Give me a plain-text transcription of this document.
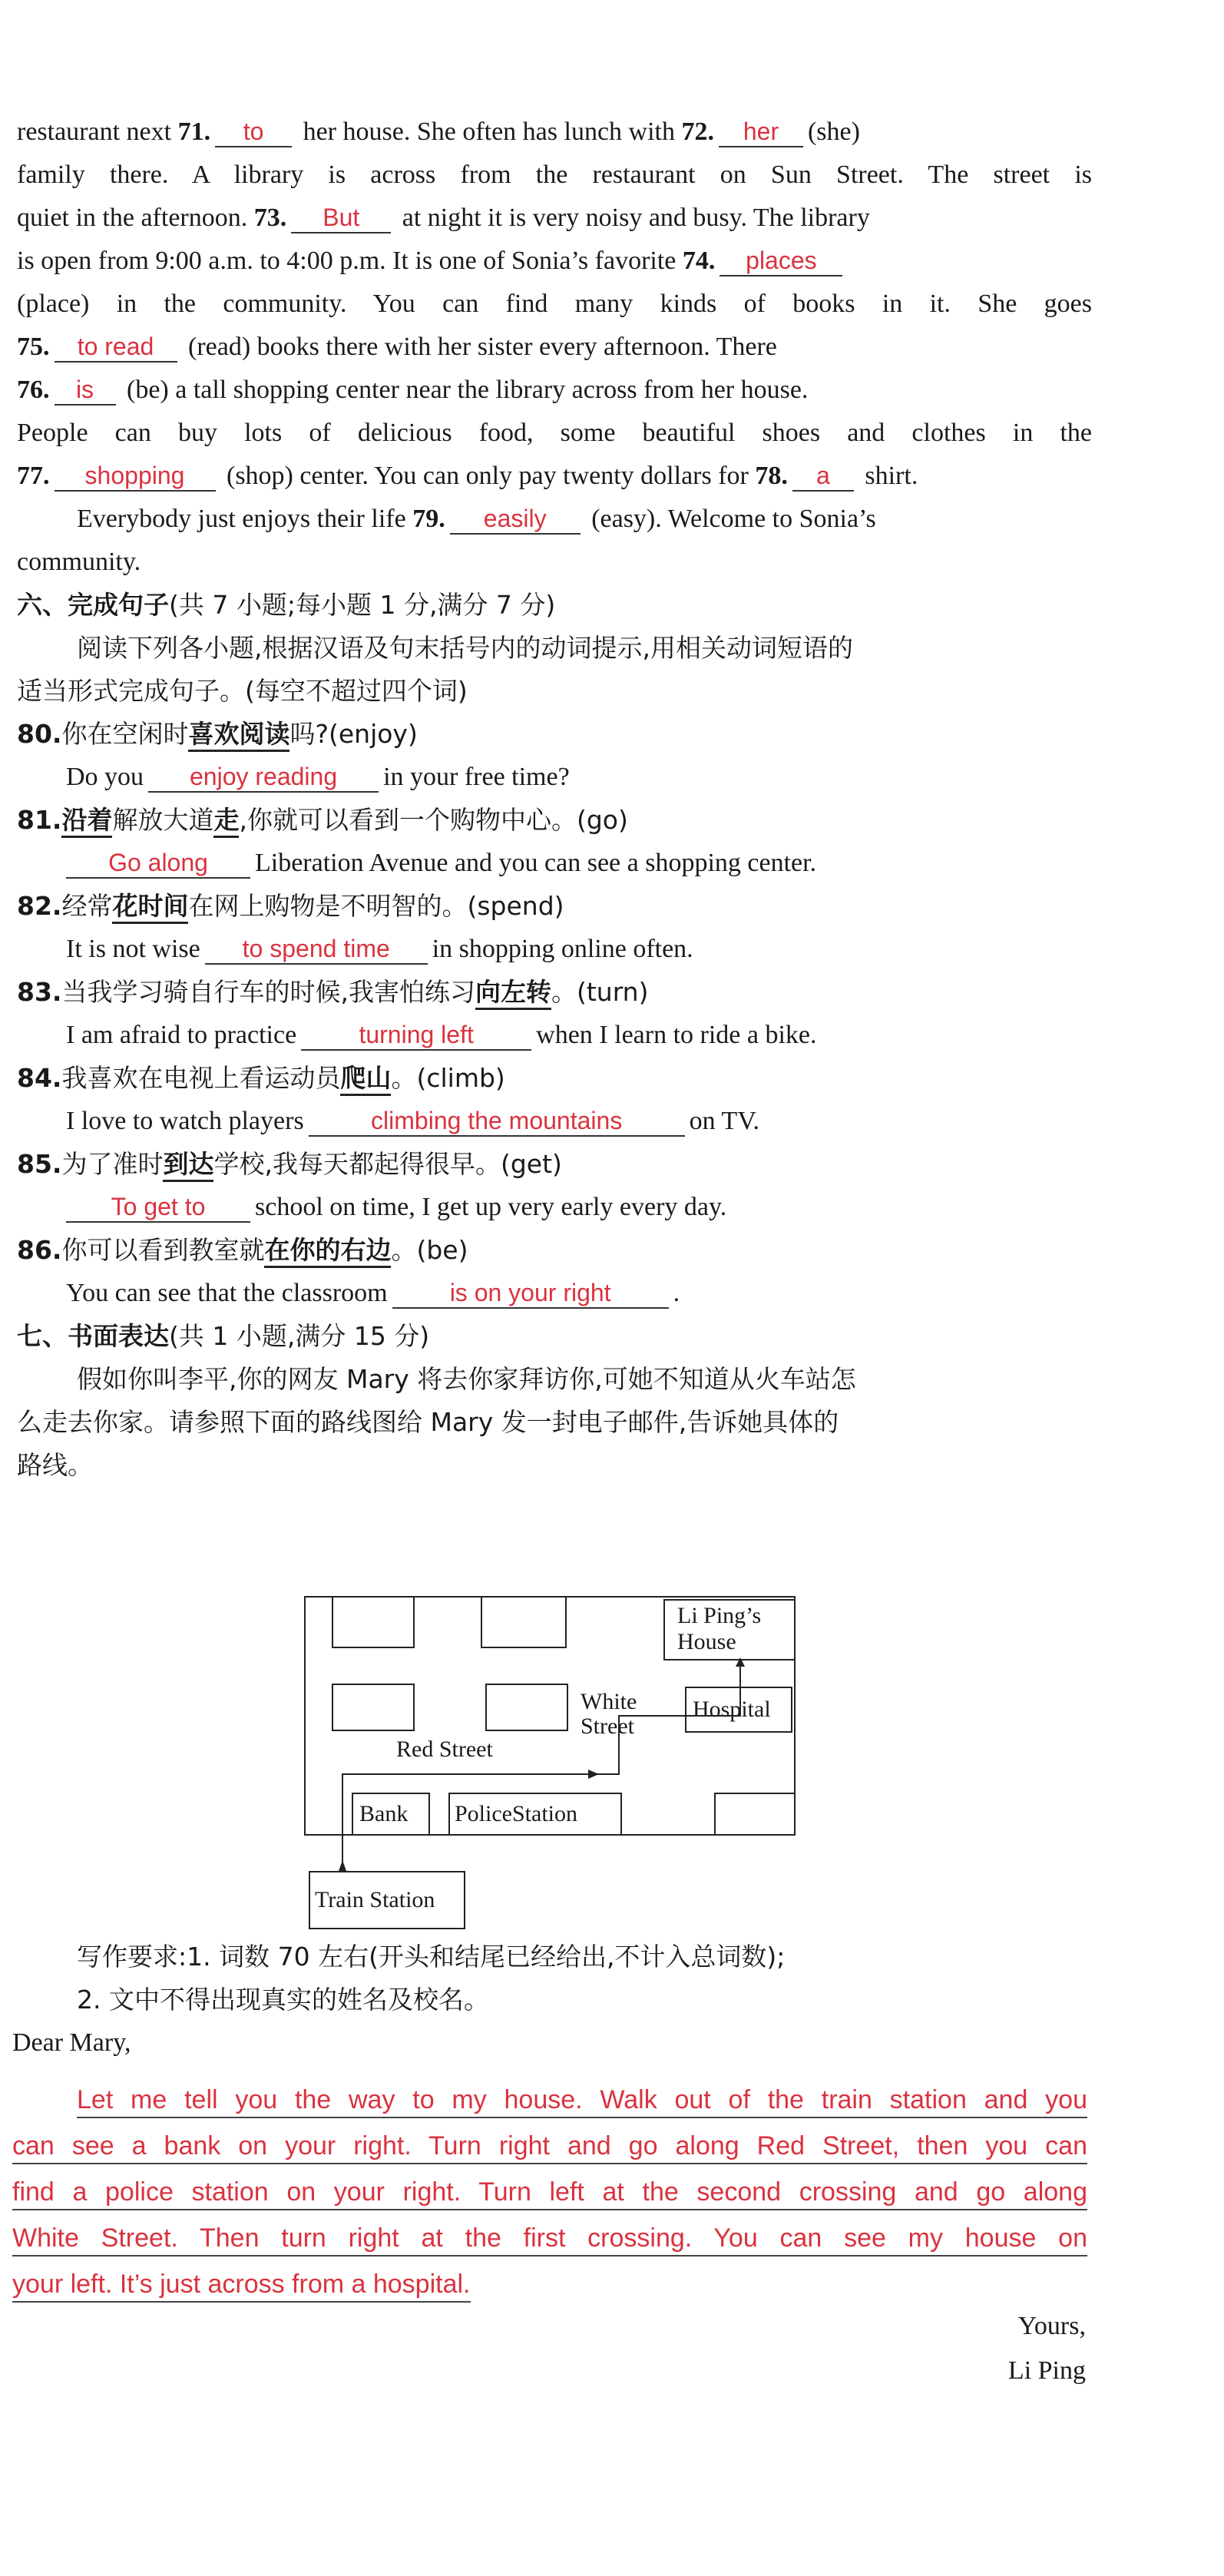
restaurant next 71. to her house. She often has lunch with 72. her (she)
family there. A library is across from the restaurant on Sun Street. The street is
quiet in the afternoon. 73. But at night it is very noisy and busy. The library
is open from 9:00 a.m. to 4:00 p.m. It is one of Sonia’s favorite 74. places
(place) in the community. You can find many kinds of books in it. She goes
75. to read (read) books there with her sister every afternoon. There
76. is (be) a tall shopping center near the library across from her house.
People can buy lots of delicious food, some beautiful shoes and clothes in the
77. shopping (shop) center. You can only pay twenty dollars for 78. a shirt.
Everybody just enjoys their life 79. easily (easy). Welcome to Sonia’s
community.
六、完成句子(共 7 小题;每小题 1 分,满分 7 分)
阅读下列各小题,根据汉语及句末括号内的动词提示,用相关动词短语的
适当形式完成句子。(每空不超过四个词)
80.你在空闲时喜欢阅读吗?(enjoy)
Do you enjoy reading in your free time?
81.沿着解放大道走,你就可以看到一个购物中心。(go)
Go along Liberation Avenue and you can see a shopping center.
82.经常花时间在网上购物是不明智的。(spend)
It is not wise to spend time in shopping online often.
83.当我学习骑自行车的时候,我害怕练习向左转。(turn)
I am afraid to practice	turning left when I learn to ride a bike.
84.我喜欢在电视上看运动员爬山。(climb)
I love to watch players	climbing the mountains	on TV.
85.为了准时到达学校,我每天都起得很早。(get)
To get to school on time, I get up very early every day.
86.你可以看到教室就在你的右边。(be)
You can see that the classroom	is on your right .
七、书面表达(共 1 小题,满分 15 分)
假如你叫李平,你的网友 Mary 将去你家拜访你,可她不知道从火车站怎
么走去你家。请参照下面的路线图给 Mary 发一封电子邮件,告诉她具体的
路线。
Li Ping’s
House
White
Street
Hospital
Red Street
Bank PoliceStation
Train Station
写作要求:1. 词数 70 左右(开头和结尾已经给出,不计入总词数);
2. 文中不得出现真实的姓名及校名。
Dear Mary,
Let me tell you the way to my house. Walk out of the train station and you
can see a bank on your right. Turn right and go along Red Street, then you can
find a police station on your right. Turn left at the second crossing and go along
White Street. Then turn right at the first crossing. You can see my house on
your left. It’s just across from a hospital.
Yours,
Li Ping
